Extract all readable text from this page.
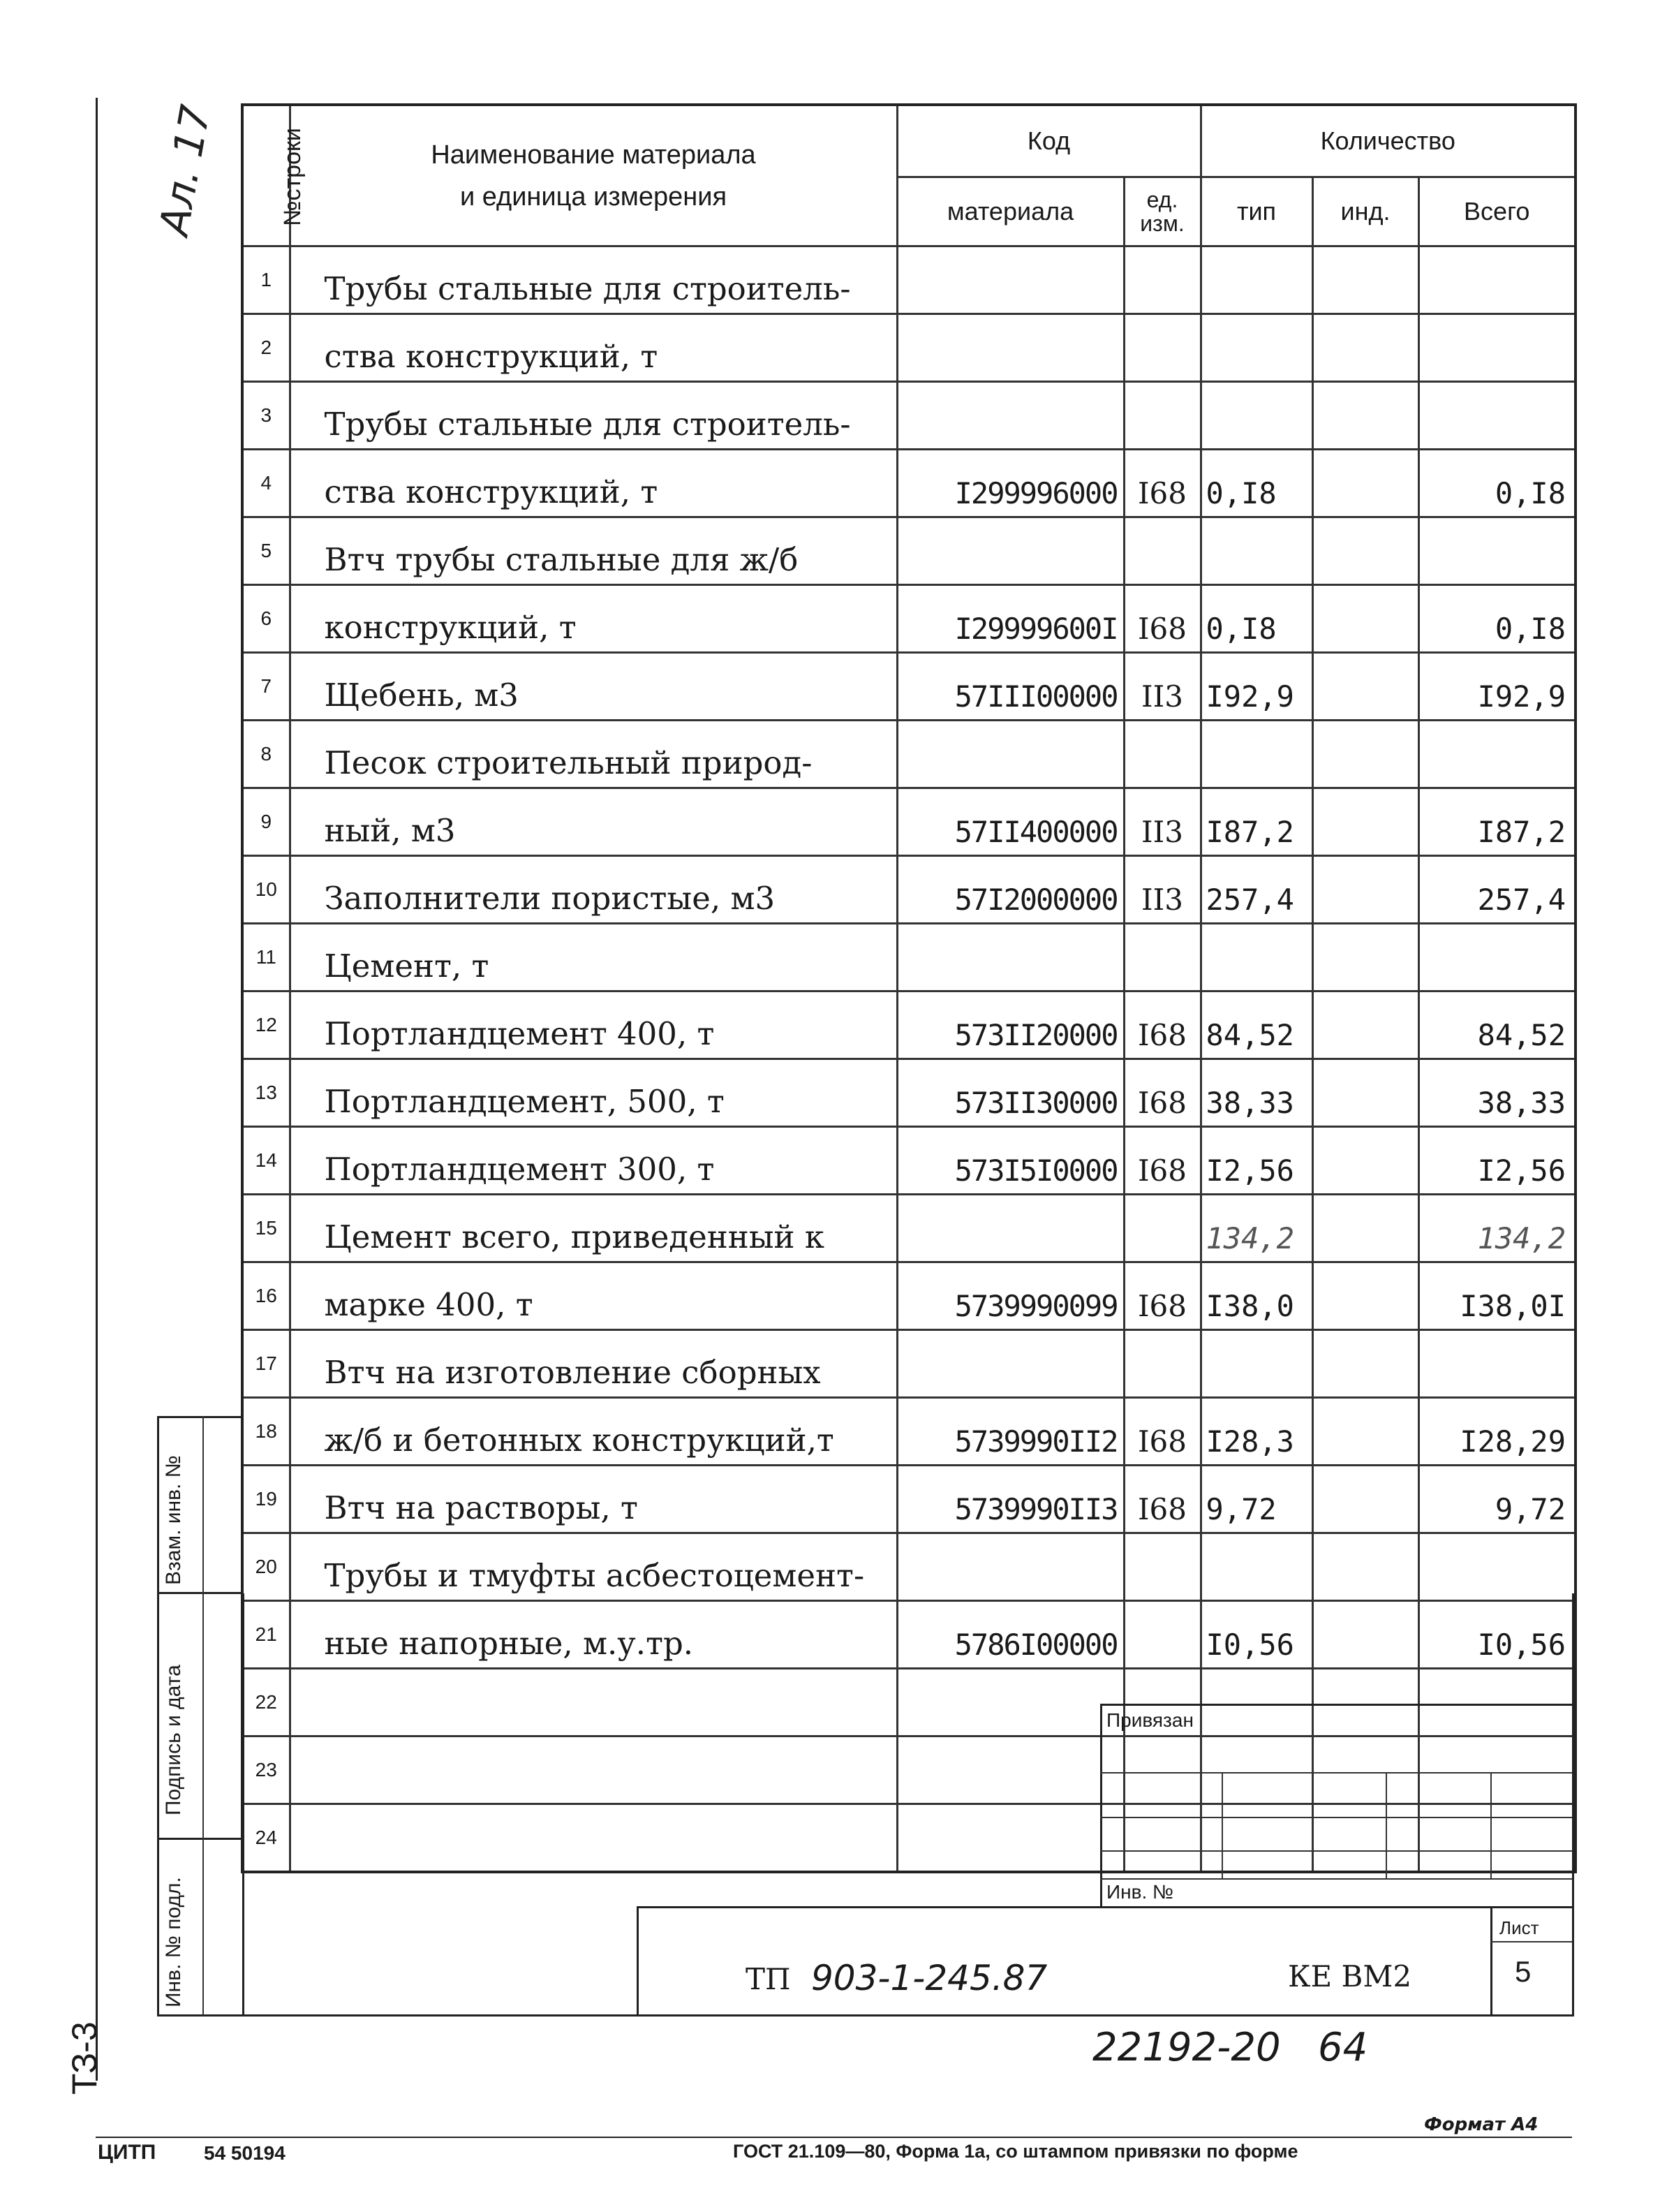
Ал. 17	№строки	Наименование материала
и единица измерения	Код		Количество		
		материала	ед. изм.	тип	инд.	Всего
1	Трубы стальные для строитель-					
2	ства конструкций, т					
3	Трубы стальные для строитель-					
4	ства конструкций, т	I299996000	I68	0,I8		0,I8
5	Втч трубы стальные для ж/б					
6	конструкций, т	I29999600I	I68	0,I8		0,I8
7	Щебень, м3	57III00000	II3	I92,9		I92,9
8	Песок строительный природ-					
9	ный, м3	57II400000	II3	I87,2		I87,2
10	Заполнители пористые, м3	57I2000000	II3	257,4		257,4
11	Цемент, т					
12	Портландцемент 400, т	573II20000	I68	84,52		84,52
13	Портландцемент, 500, т	573II30000	I68	38,33		38,33
14	Портландцемент 300, т	573I5I0000	I68	I2,56		I2,56
15	Цемент всего, приведенный к			134,2		134,2
16	марке 400, т	5739990099	I68	I38,0		I38,0I
17	Втч на изготовление сборных					
18	ж/б и бетонных конструкций,т	5739990II2	I68	I28,3		I28,29
19	Втч на растворы, т	5739990II3	I68	9,72		9,72
20	Трубы и тмуфты асбестоцемент-					
21	ные напорные, м.у.тр.	5786I00000		I0,56		I0,56
22						
23						
24						
Взам. инв. №
Подпись и дата
Инв. № подл.
Привязан
Инв. №
Лист
5
ТП 903-1-245.87	КЕ ВМ2
22192-20   64
ТЗ-3
Формат А4
ЦИТП 54 50194	ГОСТ 21.109—80, Форма 1а, со штампом привязки по форме
